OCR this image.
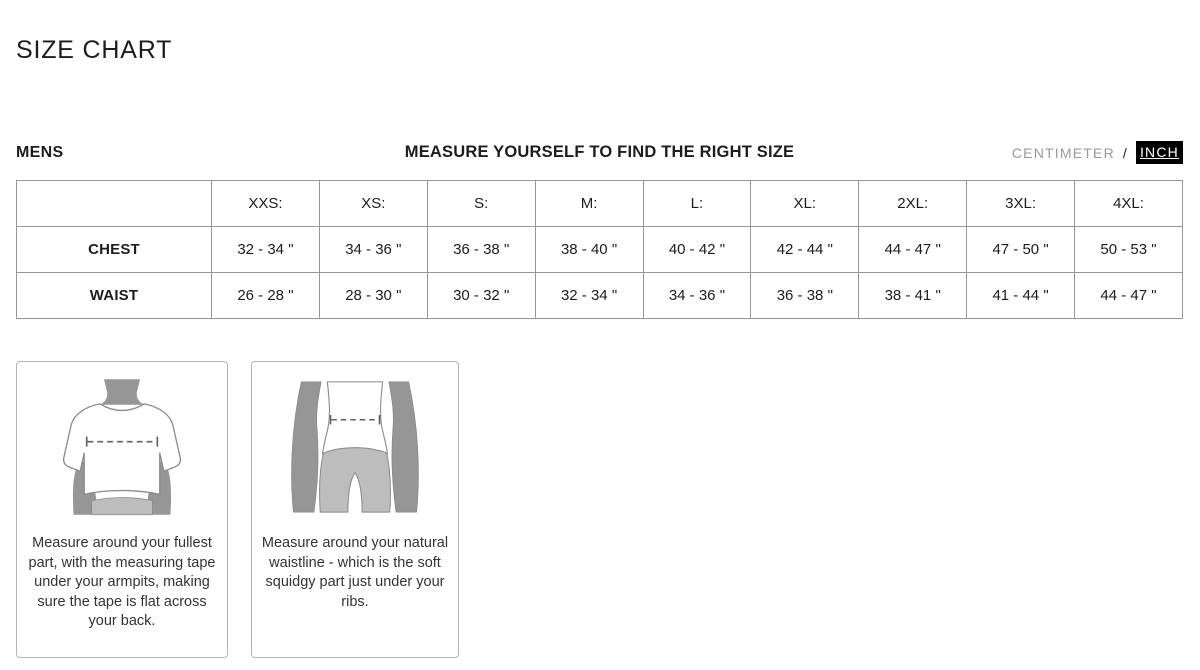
SIZE CHART
MENS	MEASURE YOURSELF TO FIND THE RIGHT SIZE	CENTIMETER / INCH
	XXS:	XS:	S:	M:	L:	XL:	2XL:	3XL:	4XL:
CHEST	32 - 34 "	34 - 36 "	36 - 38 "	38 - 40 "	40 - 42 "	42 - 44 "	44 - 47 "	47 - 50 "	50 - 53 "
WAIST	26 - 28 "	28 - 30 "	30 - 32 "	32 - 34 "	34 - 36 "	36 - 38 "	38 - 41 "	41 - 44 "	44 - 47 "
Measure around your fullest part, with the measuring tape under your armpits, making sure the tape is flat across your back.
Measure around your natural waistline - which is the soft squidgy part just under your ribs.
